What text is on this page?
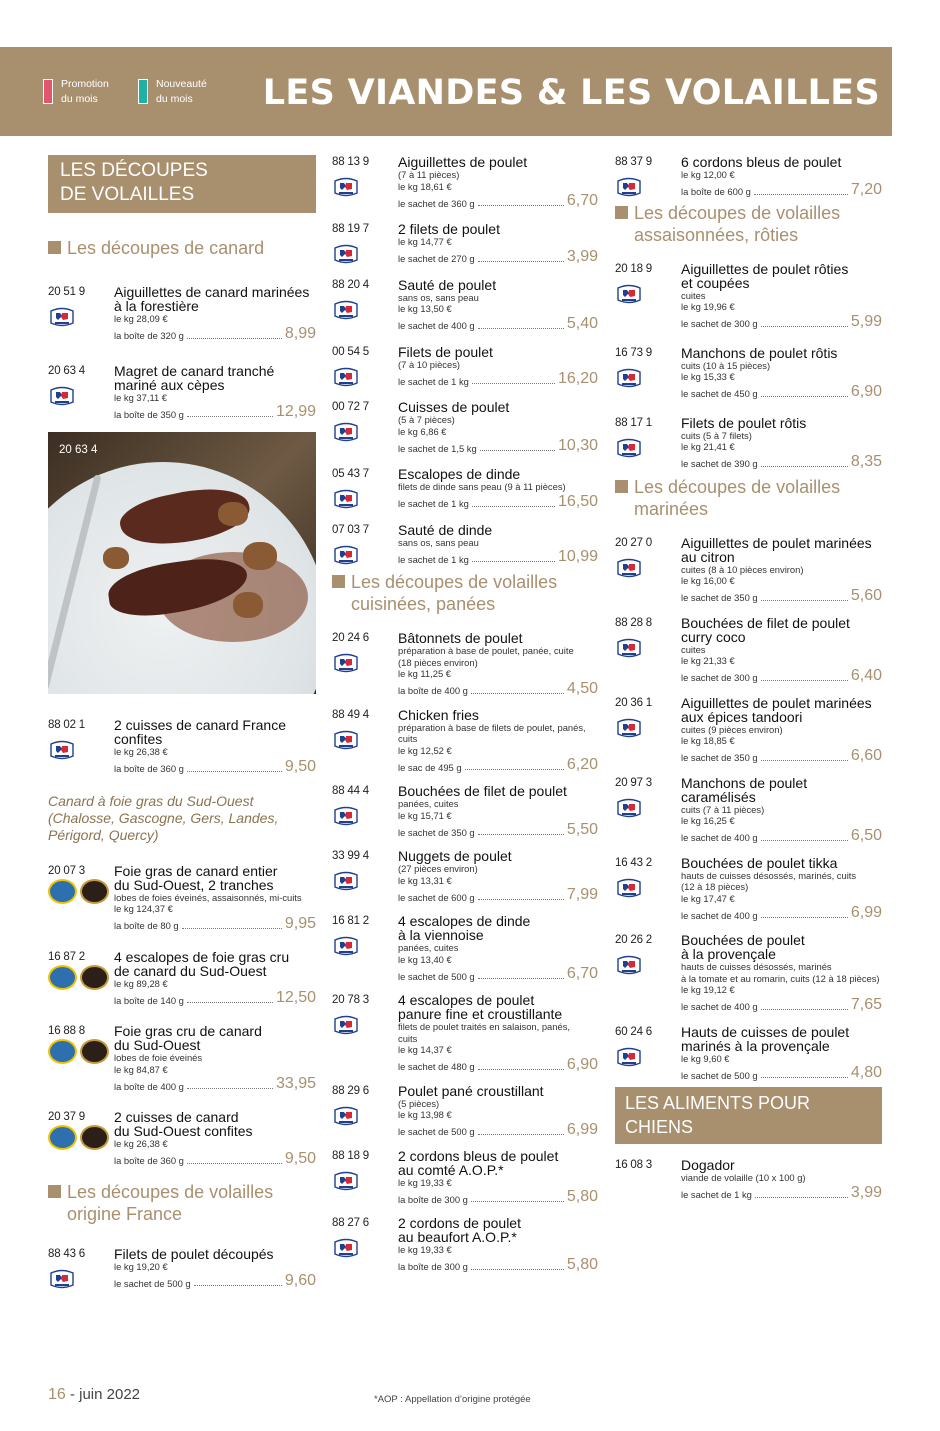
Promotion
du mois
Nouveauté
du mois	LES VIANDES & LES VOLAILLES
LES DÉCOUPES
DE VOLAILLES
Les découpes de canard
20 51 9	Aiguillettes de canard marinées
à la forestière
le kg 28,09 €
la boîte de 320 g	8,99
20 63 4	Magret de canard tranché
mariné aux cèpes
le kg 37,11 €
la boîte de 350 g	12,99
20 63 4
88 02 1	2 cuisses de canard France
confites
le kg 26,38 €
la boîte de 360 g	9,50
Canard à foie gras du Sud-Ouest
(Chalosse, Gascogne, Gers, Landes,
Périgord, Quercy)
20 07 3	Foie gras de canard entier
du Sud-Ouest, 2 tranches
lobes de foies éveinés, assaisonnés, mi-cuits
le kg 124,37 €
la boîte de 80 g	9,95
16 87 2	4 escalopes de foie gras cru
de canard du Sud-Ouest
le kg 89,28 €
la boîte de 140 g	12,50
16 88 8	Foie gras cru de canard
du Sud-Ouest
lobes de foie éveinés
le kg 84,87 €
la boîte de 400 g	33,95
20 37 9	2 cuisses de canard
du Sud-Ouest confites
le kg 26,38 €
la boîte de 360 g	9,50
Les découpes de volailles
origine France
88 43 6	Filets de poulet découpés
le kg 19,20 €
le sachet de 500 g	9,60
88 13 9	Aiguillettes de poulet
(7 à 11 pièces)
le kg 18,61 €
le sachet de 360 g	6,70
88 19 7	2 filets de poulet
le kg 14,77 €
le sachet de 270 g	3,99
88 20 4	Sauté de poulet
sans os, sans peau
le kg 13,50 €
le sachet de 400 g	5,40
00 54 5	Filets de poulet
(7 à 10 pièces)
le sachet de 1 kg	16,20
00 72 7	Cuisses de poulet
(5 à 7 pièces)
le kg 6,86 €
le sachet de 1,5 kg	10,30
05 43 7	Escalopes de dinde
filets de dinde sans peau (9 à 11 pièces)
le sachet de 1 kg	16,50
07 03 7	Sauté de dinde
sans os, sans peau
le sachet de 1 kg	10,99
Les découpes de volailles
cuisinées, panées
20 24 6	Bâtonnets de poulet
préparation à base de poulet, panée, cuite
(18 pièces environ)
le kg 11,25 €
la boîte de 400 g	4,50
88 49 4	Chicken fries
préparation à base de filets de poulet, panés,
cuits
le kg 12,52 €
le sac de 495 g	6,20
88 44 4	Bouchées de filet de poulet
panées, cuites
le kg 15,71 €
le sachet de 350 g	5,50
33 99 4	Nuggets de poulet
(27 pièces environ)
le kg 13,31 €
le sachet de 600 g	7,99
16 81 2	4 escalopes de dinde
à la viennoise
panées, cuites
le kg 13,40 €
le sachet de 500 g	6,70
20 78 3	4 escalopes de poulet
panure fine et croustillante
filets de poulet traités en salaison, panés,
cuits
le kg 14,37 €
le sachet de 480 g	6,90
88 29 6	Poulet pané croustillant
(5 pièces)
le kg 13,98 €
le sachet de 500 g	6,99
88 18 9	2 cordons bleus de poulet
au comté A.O.P.*
le kg 19,33 €
la boîte de 300 g	5,80
88 27 6	2 cordons de poulet
au beaufort A.O.P.*
le kg 19,33 €
la boîte de 300 g	5,80
88 37 9	6 cordons bleus de poulet
le kg 12,00 €
la boîte de 600 g	7,20
Les découpes de volailles
assaisonnées, rôties
20 18 9	Aiguillettes de poulet rôties
et coupées
cuites
le kg 19,96 €
le sachet de 300 g	5,99
16 73 9	Manchons de poulet rôtis
cuits (10 à 15 pièces)
le kg 15,33 €
le sachet de 450 g	6,90
88 17 1	Filets de poulet rôtis
cuits (5 à 7 filets)
le kg 21,41 €
le sachet de 390 g	8,35
Les découpes de volailles
marinées
20 27 0	Aiguillettes de poulet marinées
au citron
cuites (8 à 10 pièces environ)
le kg 16,00 €
le sachet de 350 g	5,60
88 28 8	Bouchées de filet de poulet
curry coco
cuites
le kg 21,33 €
le sachet de 300 g	6,40
20 36 1	Aiguillettes de poulet marinées
aux épices tandoori
cuites (9 pièces environ)
le kg 18,85 €
le sachet de 350 g	6,60
20 97 3	Manchons de poulet
caramélisés
cuits (7 à 11 pièces)
le kg 16,25 €
le sachet de 400 g	6,50
16 43 2	Bouchées de poulet tikka
hauts de cuisses désossés, marinés, cuits
(12 à 18 pièces)
le kg 17,47 €
le sachet de 400 g	6,99
20 26 2	Bouchées de poulet
à la provençale
hauts de cuisses désossés, marinés
à la tomate et au romarin, cuits (12 à 18 pièces)
le kg 19,12 €
le sachet de 400 g	7,65
60 24 6	Hauts de cuisses de poulet
marinés à la provençale
le kg 9,60 €
le sachet de 500 g	4,80
LES ALIMENTS POUR CHIENS
16 08 3	Dogador
viande de volaille (10 x 100 g)
le sachet de 1 kg	3,99
16 - juin 2022	*AOP : Appellation d’origine protégée
